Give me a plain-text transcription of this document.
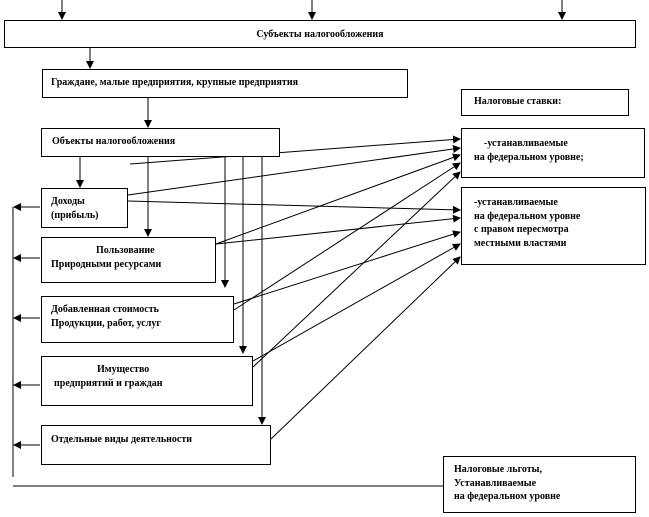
Субъекты налогообложения
Граждане, малые предприятия, крупные предприятия
Объекты налогообложения
Доходы
(прибыль)
Пользование
Природными ресурсами
Добавленная стоимость
Продукции, работ, услуг
Имущество
предприятий и граждан
Отдельные виды деятельности
Налоговые ставки:
-устанавливаемые
на федеральном уровне;
-устанавливаемые
на федеральном уровне
с правом пересмотра
местными властями
Налоговые льготы,
Устанавливаемые
на федеральном уровне
